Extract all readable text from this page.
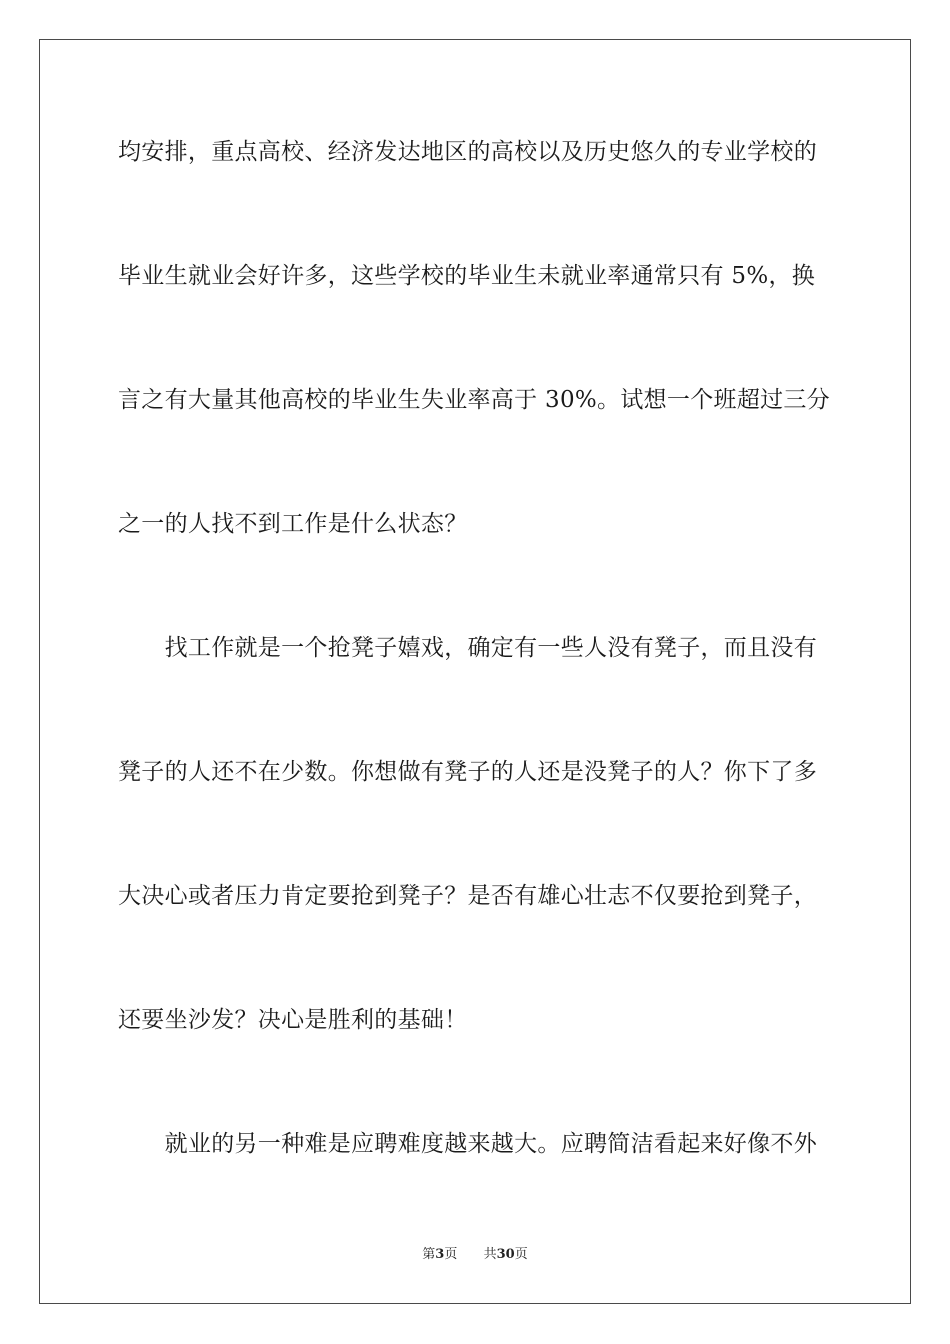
均安排，重点高校、经济发达地区的高校以及历史悠久的专业学校的
毕业生就业会好许多，这些学校的毕业生未就业率通常只有 5%，换
言之有大量其他高校的毕业生失业率高于 30%。试想一个班超过三分
之一的人找不到工作是什么状态？
　　找工作就是一个抢凳子嬉戏，确定有一些人没有凳子，而且没有
凳子的人还不在少数。你想做有凳子的人还是没凳子的人？你下了多
大决心或者压力肯定要抢到凳子？是否有雄心壮志不仅要抢到凳子，
还要坐沙发？决心是胜利的基础！
　　就业的另一种难是应聘难度越来越大。应聘简洁看起来好像不外
第3页 共30页
